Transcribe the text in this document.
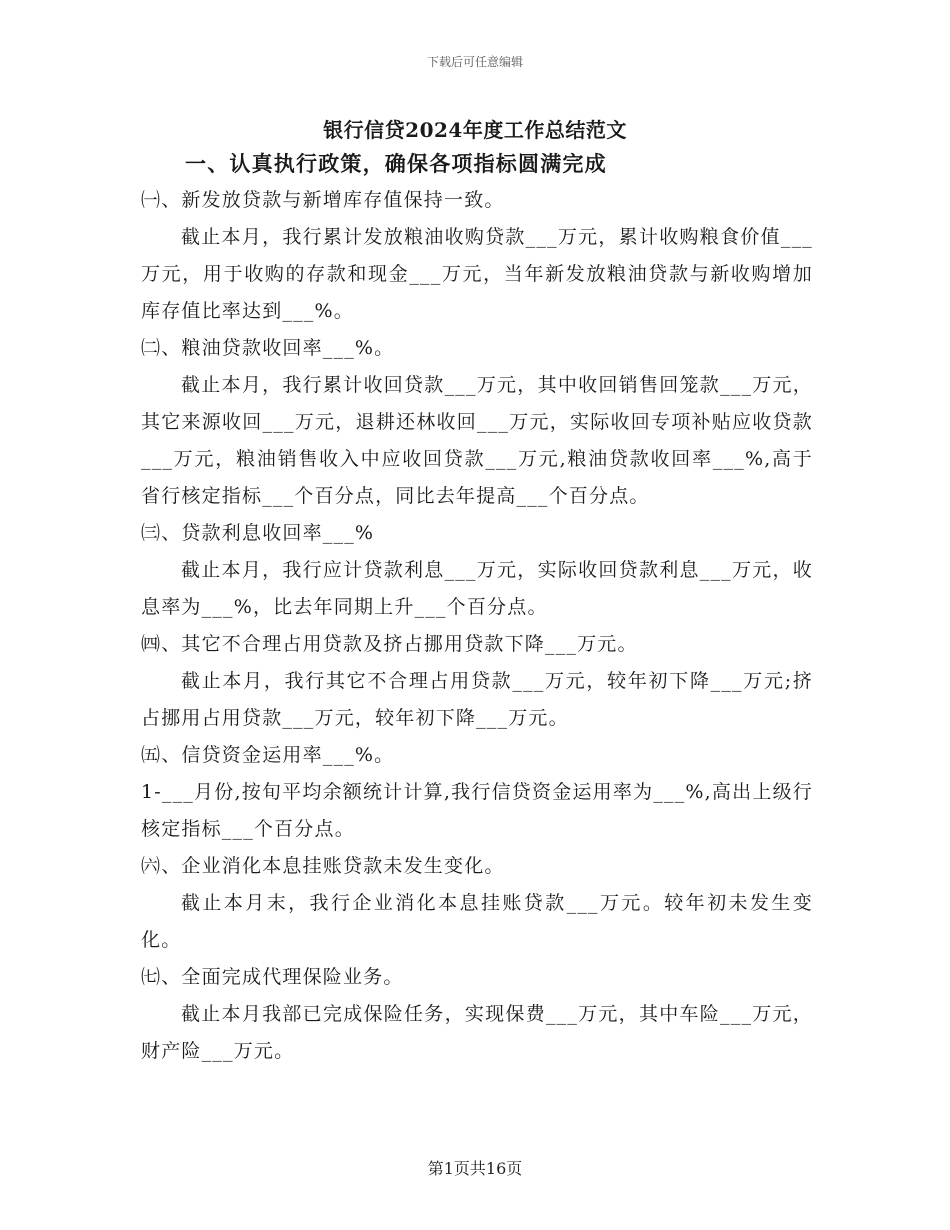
下载后可任意编辑
银行信贷2024年度工作总结范文

一、认真执行政策，确保各项指标圆满完成

㈠、新发放贷款与新增库存值保持一致。

截止本月，我行累计发放粮油收购贷款___万元，累计收购粮食价值___万元，用于收购的存款和现金___万元，当年新发放粮油贷款与新收购增加库存值比率达到___%。

㈡、粮油贷款收回率___%。

截止本月，我行累计收回贷款___万元，其中收回销售回笼款___万元，其它来源收回___万元，退耕还林收回___万元，实际收回专项补贴应收贷款___万元，粮油销售收入中应收回贷款___万元,粮油贷款收回率___%,高于省行核定指标___个百分点，同比去年提高___个百分点。

㈢、贷款利息收回率___%

截止本月，我行应计贷款利息___万元，实际收回贷款利息___万元，收息率为___%，比去年同期上升___个百分点。

㈣、其它不合理占用贷款及挤占挪用贷款下降___万元。

截止本月，我行其它不合理占用贷款___万元，较年初下降___万元;挤占挪用占用贷款___万元，较年初下降___万元。

㈤、信贷资金运用率___%。

1-___月份,按旬平均余额统计计算,我行信贷资金运用率为___%,高出上级行核定指标___个百分点。

㈥、企业消化本息挂账贷款未发生变化。

截止本月末，我行企业消化本息挂账贷款___万元。较年初未发生变化。

㈦、全面完成代理保险业务。

截止本月我部已完成保险任务，实现保费___万元，其中车险___万元，财产险___万元。

第1页共16页
